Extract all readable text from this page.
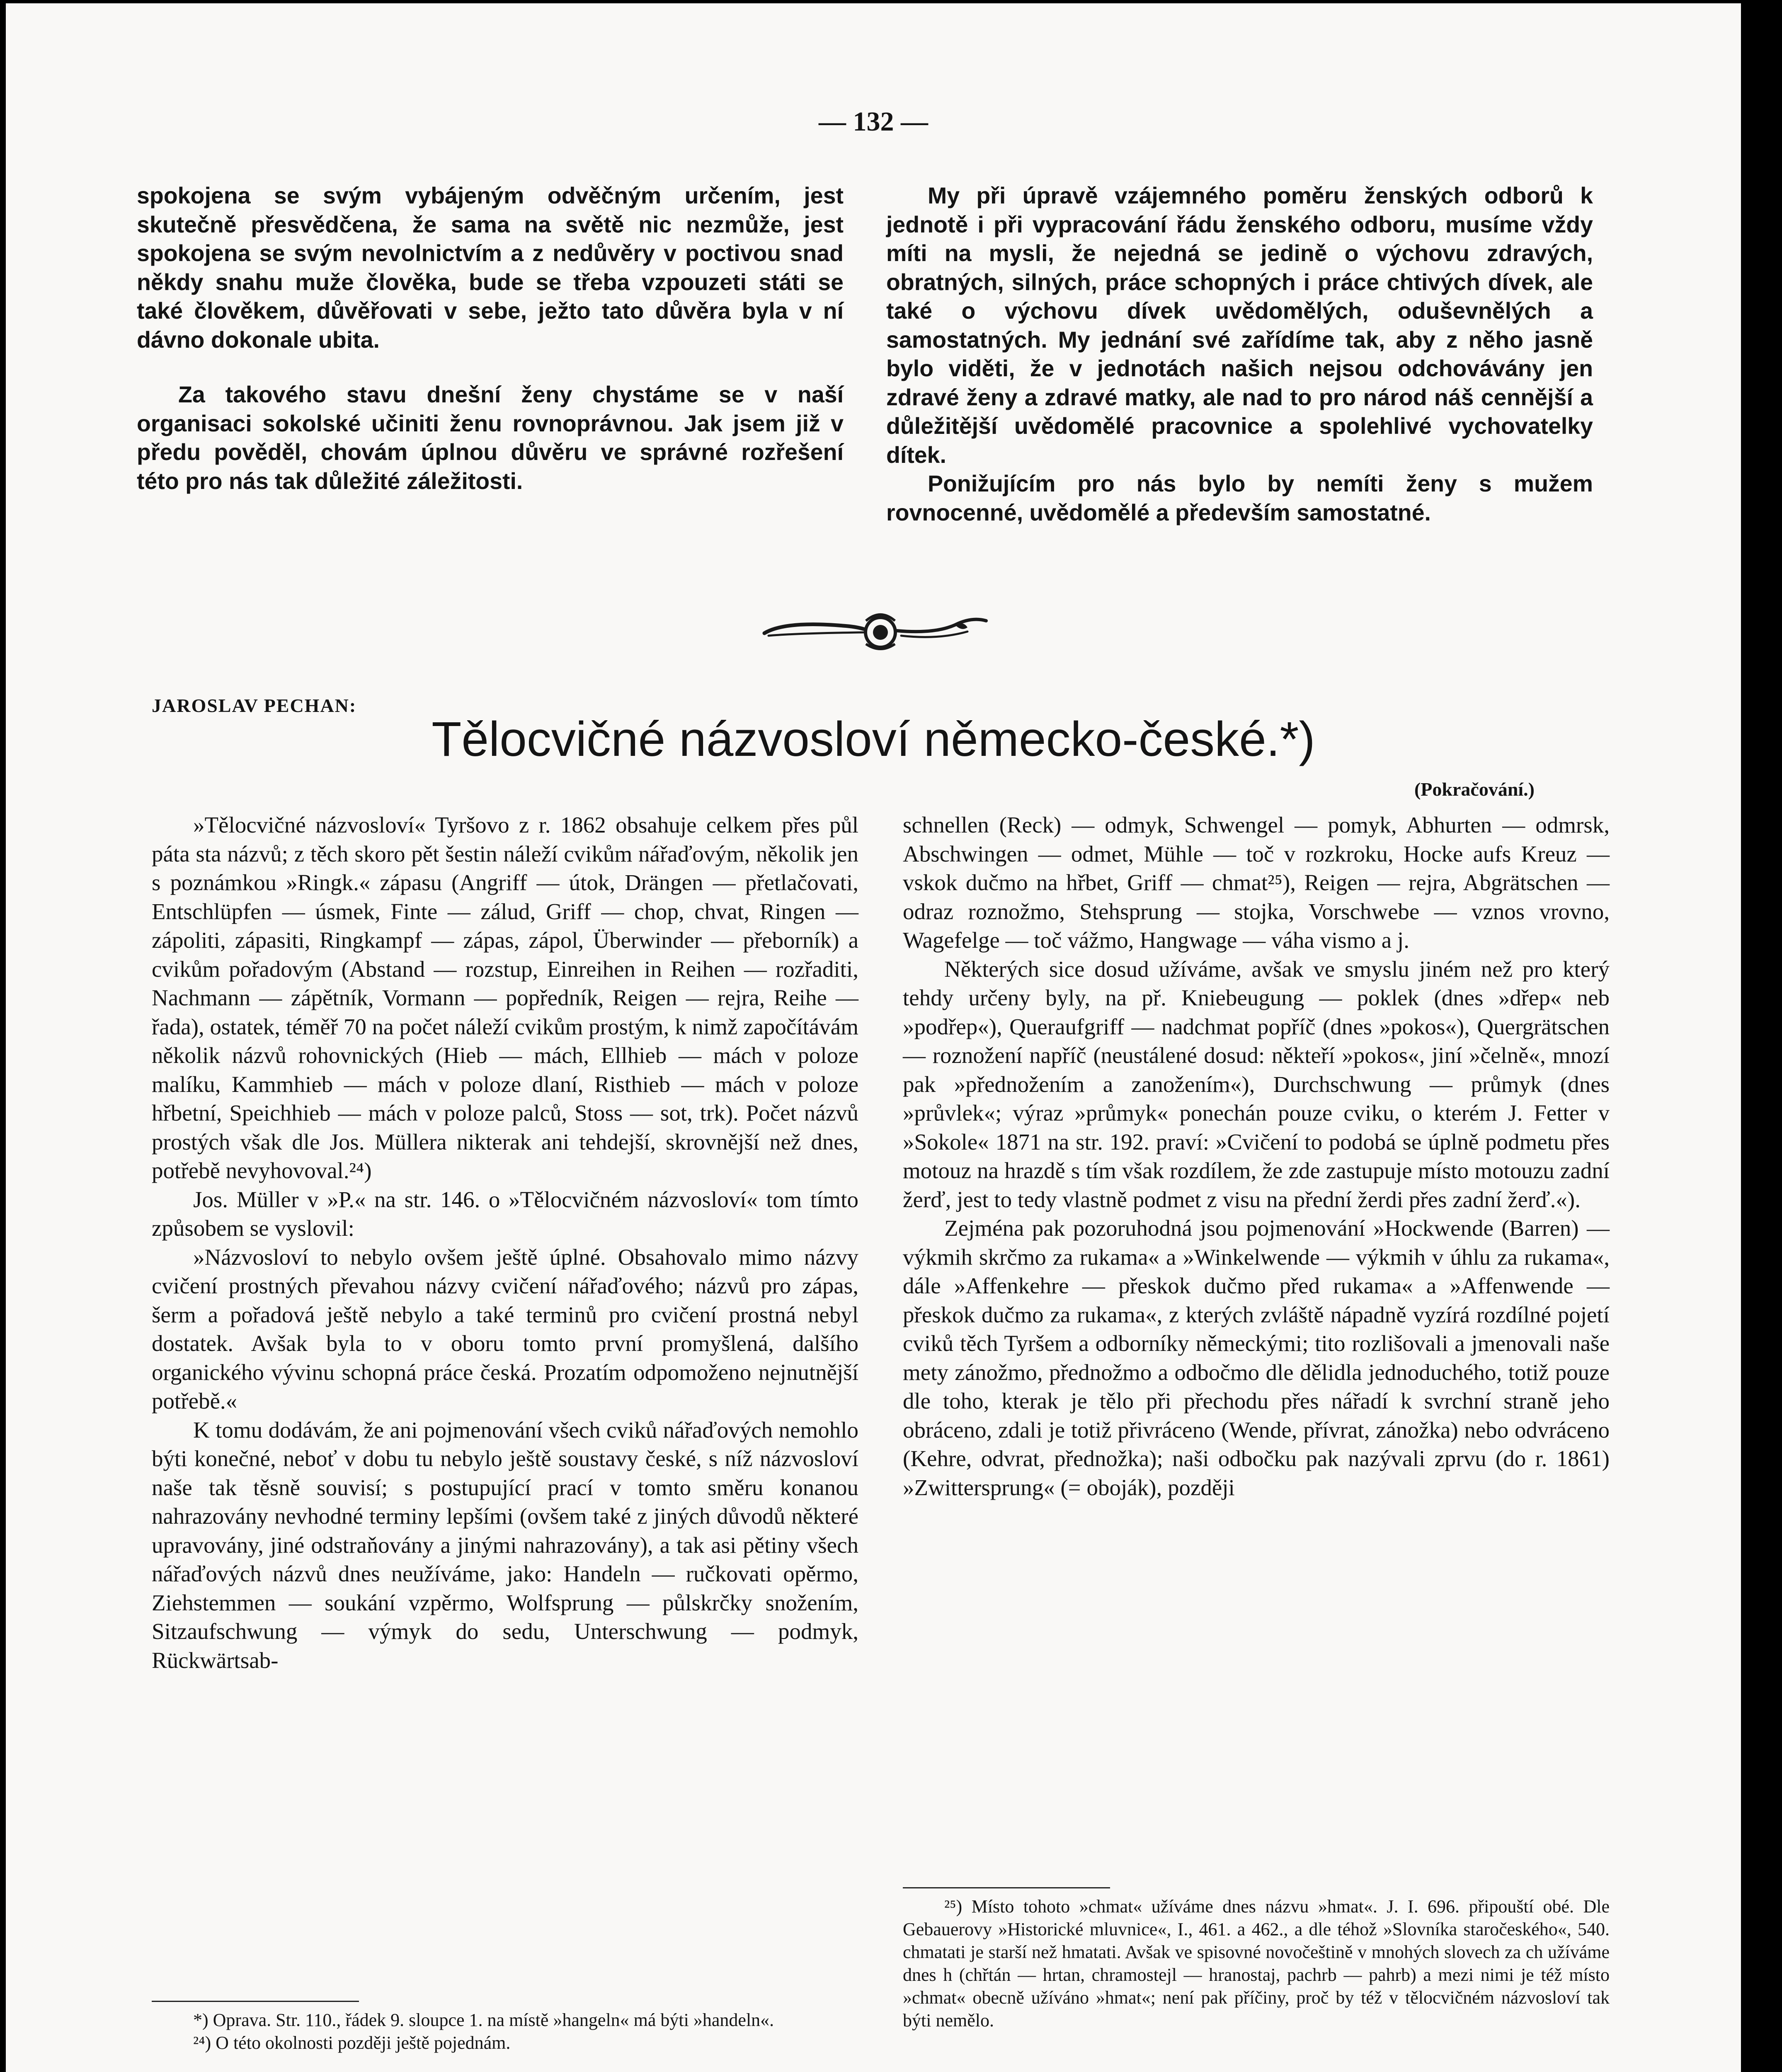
— 132 —

spokojena se svým vybájeným odvěčným určením, jest skutečně přesvědčena, že sama na světě nic nezmůže, jest spokojena se svým nevolnictvím a z nedůvěry v poctivou snad někdy snahu muže člověka, bude se třeba vzpouzeti státi se také člověkem, důvěřovati v sebe, ježto tato důvěra byla v ní dávno dokonale ubita.

Za takového stavu dnešní ženy chystáme se v naší organisaci sokolské učiniti ženu rovnoprávnou. Jak jsem již v předu pověděl, chovám úplnou důvěru ve správné rozřešení této pro nás tak důležité záležitosti.

My při úpravě vzájemného poměru ženských odborů k jednotě i při vypracování řádu ženského odboru, musíme vždy míti na mysli, že nejedná se jedině o výchovu zdravých, obratných, silných, práce schopných i práce chtivých dívek, ale také o výchovu dívek uvědomělých, oduševnělých a samostatných. My jednání své zařídíme tak, aby z něho jasně bylo viděti, že v jednotách našich nejsou odchovávány jen zdravé ženy a zdravé matky, ale nad to pro národ náš cennější a důležitější uvědomělé pracovnice a spolehlivé vychovatelky dítek.

Ponižujícím pro nás bylo by nemíti ženy s mužem rovnocenné, uvědomělé a především samostatné.

JAROSLAV PECHAN:
Tělocvičné názvosloví německo-české.*)
(Pokračování.)

»Tělocvičné názvosloví« Tyršovo z r. 1862 obsahuje celkem přes půl páta sta názvů; z těch skoro pět šestin náleží cvikům nářaďovým, několik jen s poznámkou »Ringk.« zápasu (Angriff — útok, Drängen — přetlačovati, Entschlüpfen — úsmek, Finte — zálud, Griff — chop, chvat, Ringen — zápoliti, zápasiti, Ringkampf — zápas, zápol, Überwinder — přeborník) a cvikům pořadovým (Abstand — rozstup, Einreihen in Reihen — rozřaditi, Nachmann — zápětník, Vormann — popředník, Reigen — rejra, Reihe — řada), ostatek, téměř 70 na počet náleží cvikům prostým, k nimž započítávám několik názvů rohovnických (Hieb — mách, Ellhieb — mách v poloze malíku, Kammhieb — mách v poloze dlaní, Risthieb — mách v poloze hřbetní, Speichhieb — mách v poloze palců, Stoss — sot, trk). Počet názvů prostých však dle Jos. Müllera nikterak ani tehdejší, skrovnější než dnes, potřebě nevyhovoval.²⁴)

Jos. Müller v »P.« na str. 146. o »Tělocvičném názvosloví« tom tímto způsobem se vyslovil:

»Názvosloví to nebylo ovšem ještě úplné. Obsahovalo mimo názvy cvičení prostných převahou názvy cvičení nářaďového; názvů pro zápas, šerm a pořadová ještě nebylo a také terminů pro cvičení prostná nebyl dostatek. Avšak byla to v oboru tomto první promyšlená, dalšího organického vývinu schopná práce česká. Prozatím odpomoženo nejnutnější potřebě.«

K tomu dodávám, že ani pojmenování všech cviků nářaďových nemohlo býti konečné, neboť v dobu tu nebylo ještě soustavy české, s níž názvosloví naše tak těsně souvisí; s postupující prací v tomto směru konanou nahrazovány nevhodné terminy lepšími (ovšem také z jiných důvodů některé upravovány, jiné odstraňovány a jinými nahrazovány), a tak asi pětiny všech nářaďových názvů dnes neužíváme, jako: Handeln — ručkovati opěrmo, Ziehstemmen — soukání vzpěrmo, Wolfsprung — půlskrčky snožením, Sitzaufschwung — výmyk do sedu, Unterschwung — podmyk, Rückwärtsab-

schnellen (Reck) — odmyk, Schwengel — pomyk, Abhurten — odmrsk, Abschwingen — odmet, Mühle — toč v rozkroku, Hocke aufs Kreuz — vskok dučmo na hřbet, Griff — chmat²⁵), Reigen — rejra, Abgrätschen — odraz roznožmo, Stehsprung — stojka, Vorschwebe — vznos vrovno, Wagefelge — toč vážmo, Hangwage — váha vismo a j.

Některých sice dosud užíváme, avšak ve smyslu jiném než pro který tehdy určeny byly, na př. Kniebeugung — poklek (dnes »dřep« neb »podřep«), Queraufgriff — nadchmat popříč (dnes »pokos«), Quergrätschen — roznožení napříč (neustálené dosud: někteří »pokos«, jiní »čelně«, mnozí pak »přednožením a zanožením«), Durchschwung — průmyk (dnes »průvlek«; výraz »průmyk« ponechán pouze cviku, o kterém J. Fetter v »Sokole« 1871 na str. 192. praví: »Cvičení to podobá se úplně podmetu přes motouz na hrazdě s tím však rozdílem, že zde zastupuje místo motouzu zadní žerď, jest to tedy vlastně podmet z visu na přední žerdi přes zadní žerď.«).

Zejména pak pozoruhodná jsou pojmenování »Hockwende (Barren) — výkmih skrčmo za rukama« a »Winkelwende — výkmih v úhlu za rukama«, dále »Affenkehre — přeskok dučmo před rukama« a »Affenwende — přeskok dučmo za rukama«, z kterých zvláště nápadně vyzírá rozdílné pojetí cviků těch Tyršem a odborníky německými; tito rozlišovali a jmenovali naše mety zánožmo, přednožmo a odbočmo dle dělidla jednoduchého, totiž pouze dle toho, kterak je tělo při přechodu přes nářadí k svrchní straně jeho obráceno, zdali je totiž přivráceno (Wende, přívrat, zánožka) nebo odvráceno (Kehre, odvrat, přednožka); naši odbočku pak nazývali zprvu (do r. 1861) »Zwittersprung« (= oboják), později

*) Oprava. Str. 110., řádek 9. sloupce 1. na místě »hangeln« má býti »handeln«.

²⁴) O této okolnosti později ještě pojednám.

²⁵) Místo tohoto »chmat« užíváme dnes názvu »hmat«. J. I. 696. připouští obé. Dle Gebauerovy »Historické mluvnice«, I., 461. a 462., a dle téhož »Slovníka staročeského«, 540. chmatati je starší než hmatati. Avšak ve spisovné novočeštině v mnohých slovech za ch užíváme dnes h (chřtán — hrtan, chramostejl — hranostaj, pachrb — pahrb) a mezi nimi je též místo »chmat« obecně užíváno »hmat«; není pak příčiny, proč by též v tělocvičném názvosloví tak býti nemělo.
